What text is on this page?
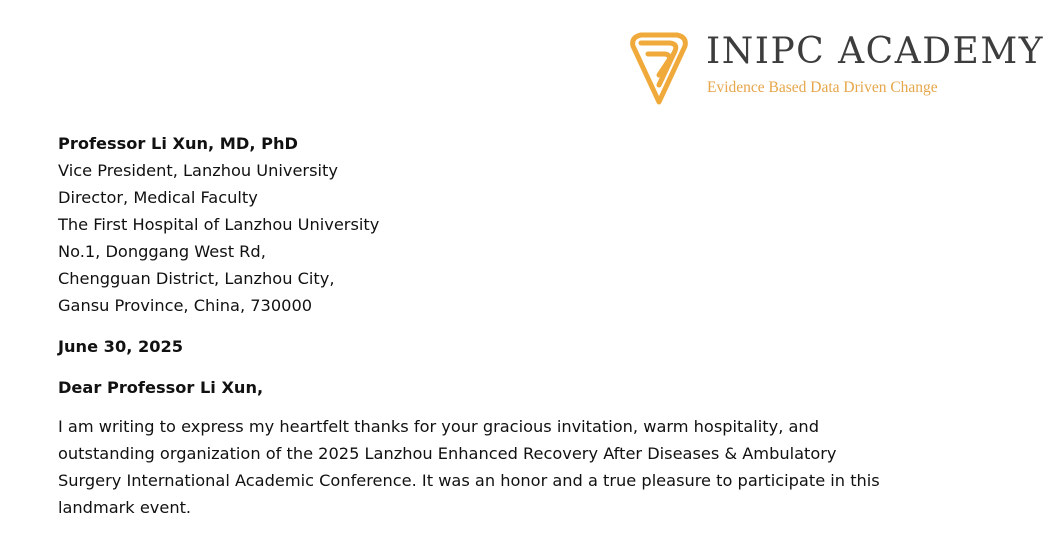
INIPC ACADEMY
Evidence Based Data Driven Change
Professor Li Xun, MD, PhD
Vice President, Lanzhou University
Director, Medical Faculty
The First Hospital of Lanzhou University
No.1, Donggang West Rd,
Chengguan District, Lanzhou City,
Gansu Province, China, 730000
June 30, 2025
Dear Professor Li Xun,
I am writing to express my heartfelt thanks for your gracious invitation, warm hospitality, and
outstanding organization of the 2025 Lanzhou Enhanced Recovery After Diseases & Ambulatory
Surgery International Academic Conference. It was an honor and a true pleasure to participate in this
landmark event.
